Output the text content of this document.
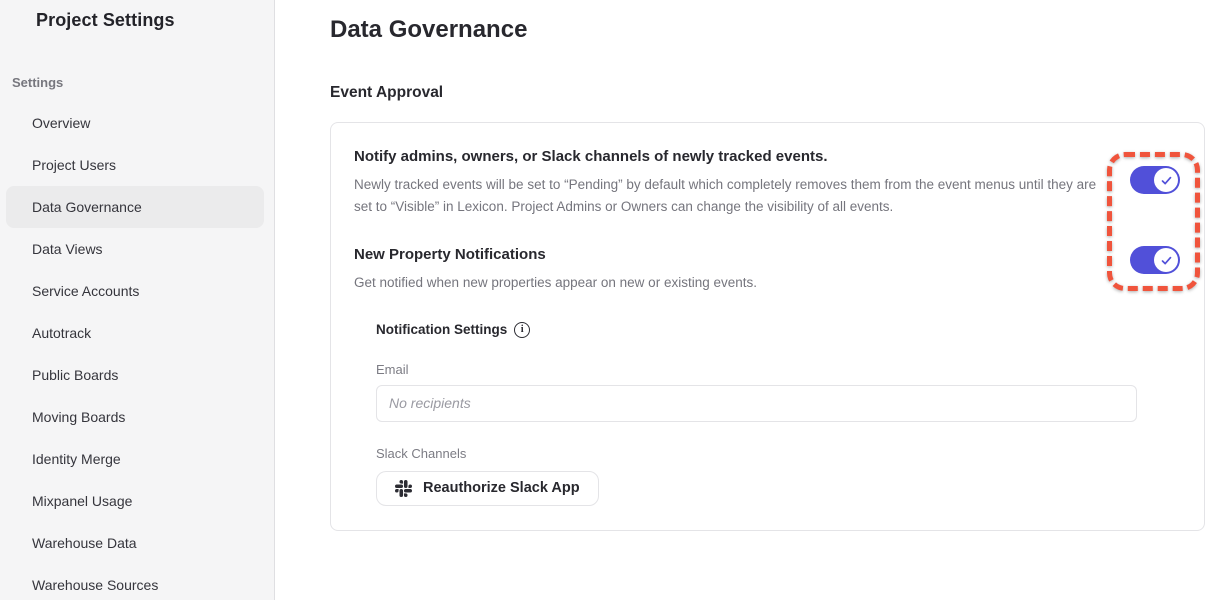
Project Settings
Settings
Overview
Project Users
Data Governance
Data Views
Service Accounts
Autotrack
Public Boards
Moving Boards
Identity Merge
Mixpanel Usage
Warehouse Data
Warehouse Sources
Data Governance
Event Approval
Notify admins, owners, or Slack channels of newly tracked events.

Newly tracked events will be set to “Pending” by default which completely removes them from the event menus until they are set to “Visible” in Lexicon. Project Admins or Owners can change the visibility of all events.

New Property Notifications

Get notified when new properties appear on new or existing events.

Notification Settings	i
Email
No recipients
Slack Channels
Reauthorize Slack App
